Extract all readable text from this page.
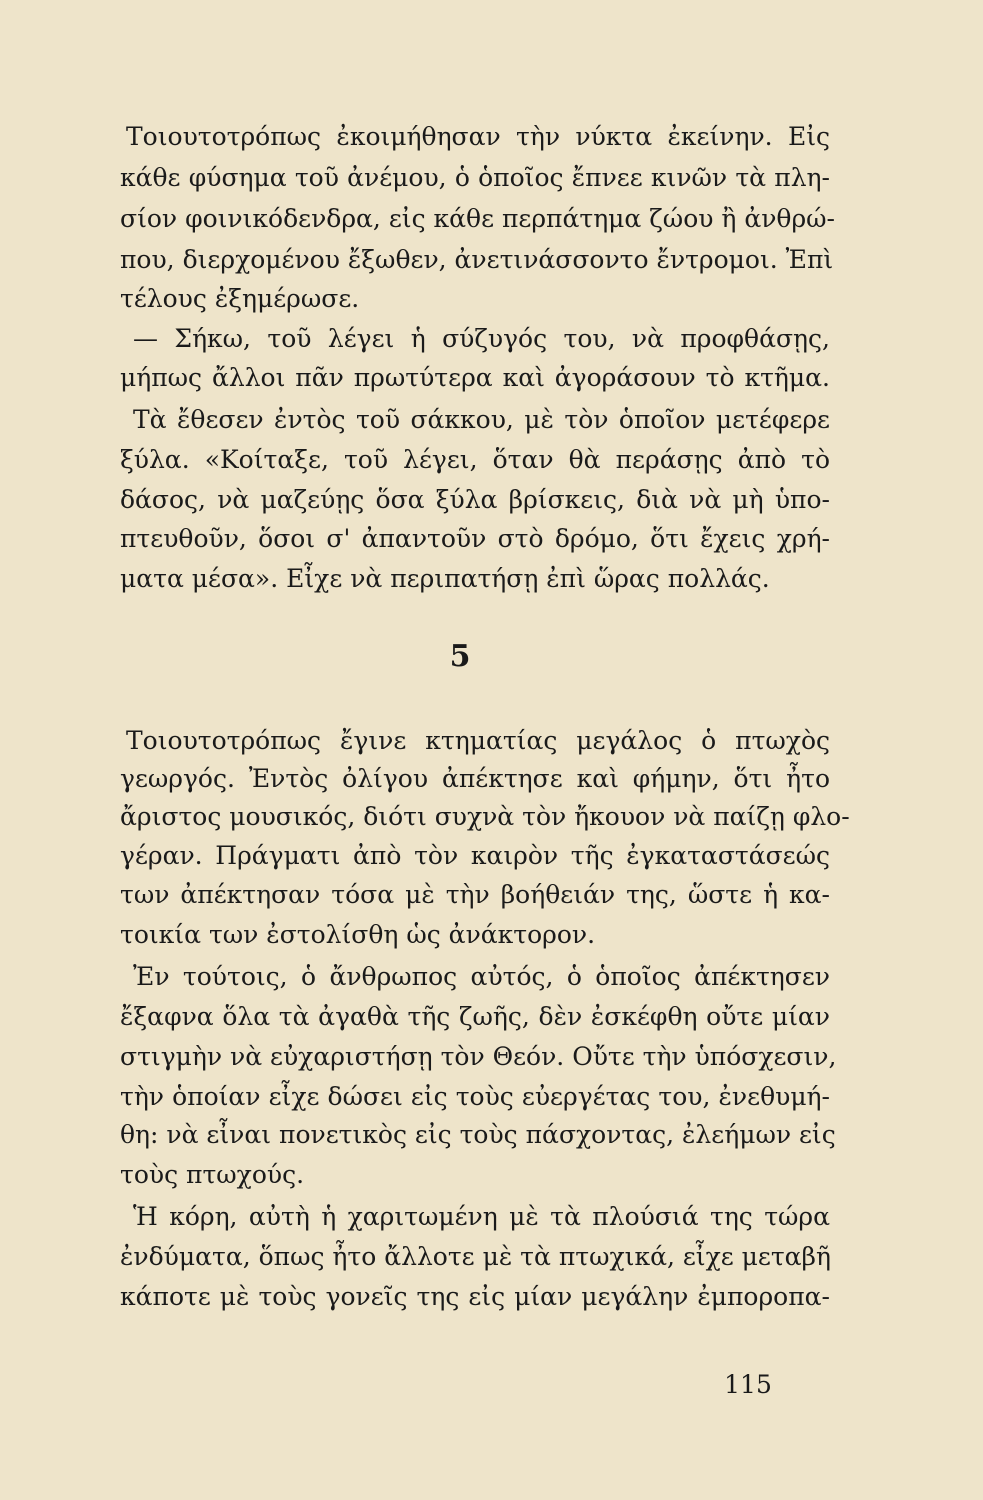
Τοιουτοτρόπως ἐκοιμήθησαν τὴν νύκτα ἐκείνην. Εἰς
κάθε φύσημα τοῦ ἀνέμου, ὁ ὁποῖος ἔπνεε κινῶν τὰ πλη-
σίον φοινικόδενδρα, εἰς κάθε περπάτημα ζώου ἢ ἀνθρώ-
που, διερχομένου ἔξωθεν, ἀνετινάσσοντο ἔντρομοι. Ἐπὶ
τέλους ἐξημέρωσε.
— Σήκω, τοῦ λέγει ἡ σύζυγός του, νὰ προφθάσῃς,
μήπως ἄλλοι πᾶν πρωτύτερα καὶ ἀγοράσουν τὸ κτῆμα.
Τὰ ἔθεσεν ἐντὸς τοῦ σάκκου, μὲ τὸν ὁποῖον μετέφερε
ξύλα. «Κοίταξε, τοῦ λέγει, ὅταν θὰ περάσῃς ἀπὸ τὸ
δάσος, νὰ μαζεύῃς ὅσα ξύλα βρίσκεις, διὰ νὰ μὴ ὑπο-
πτευθοῦν, ὅσοι σ' ἀπαντοῦν στὸ δρόμο, ὅτι ἔχεις χρή-
ματα μέσα». Εἶχε νὰ περιπατήσῃ ἐπὶ ὥρας πολλάς.
5
Τοιουτοτρόπως ἔγινε κτηματίας μεγάλος ὁ πτωχὸς
γεωργός. Ἐντὸς ὀλίγου ἀπέκτησε καὶ φήμην, ὅτι ἦτο
ἄριστος μουσικός, διότι συχνὰ τὸν ἤκουον νὰ παίζῃ φλο-
γέραν. Πράγματι ἀπὸ τὸν καιρὸν τῆς ἐγκαταστάσεώς
των ἀπέκτησαν τόσα μὲ τὴν βοήθειάν της, ὥστε ἡ κα-
τοικία των ἐστολίσθη ὡς ἀνάκτορον.
Ἐν τούτοις, ὁ ἄνθρωπος αὐτός, ὁ ὁποῖος ἀπέκτησεν
ἔξαφνα ὅλα τὰ ἀγαθὰ τῆς ζωῆς, δὲν ἐσκέφθη οὔτε μίαν
στιγμὴν νὰ εὐχαριστήσῃ τὸν Θεόν. Οὔτε τὴν ὑπόσχεσιν,
τὴν ὁποίαν εἶχε δώσει εἰς τοὺς εὐεργέτας του, ἐνεθυμή-
θη: νὰ εἶναι πονετικὸς εἰς τοὺς πάσχοντας, ἐλεήμων εἰς
τοὺς πτωχούς.
Ἡ κόρη, αὐτὴ ἡ χαριτωμένη μὲ τὰ πλούσιά της τώρα
ἐνδύματα, ὅπως ἦτο ἄλλοτε μὲ τὰ πτωχικά, εἶχε μεταβῆ
κάποτε μὲ τοὺς γονεῖς της εἰς μίαν μεγάλην ἐμποροπα-
115
